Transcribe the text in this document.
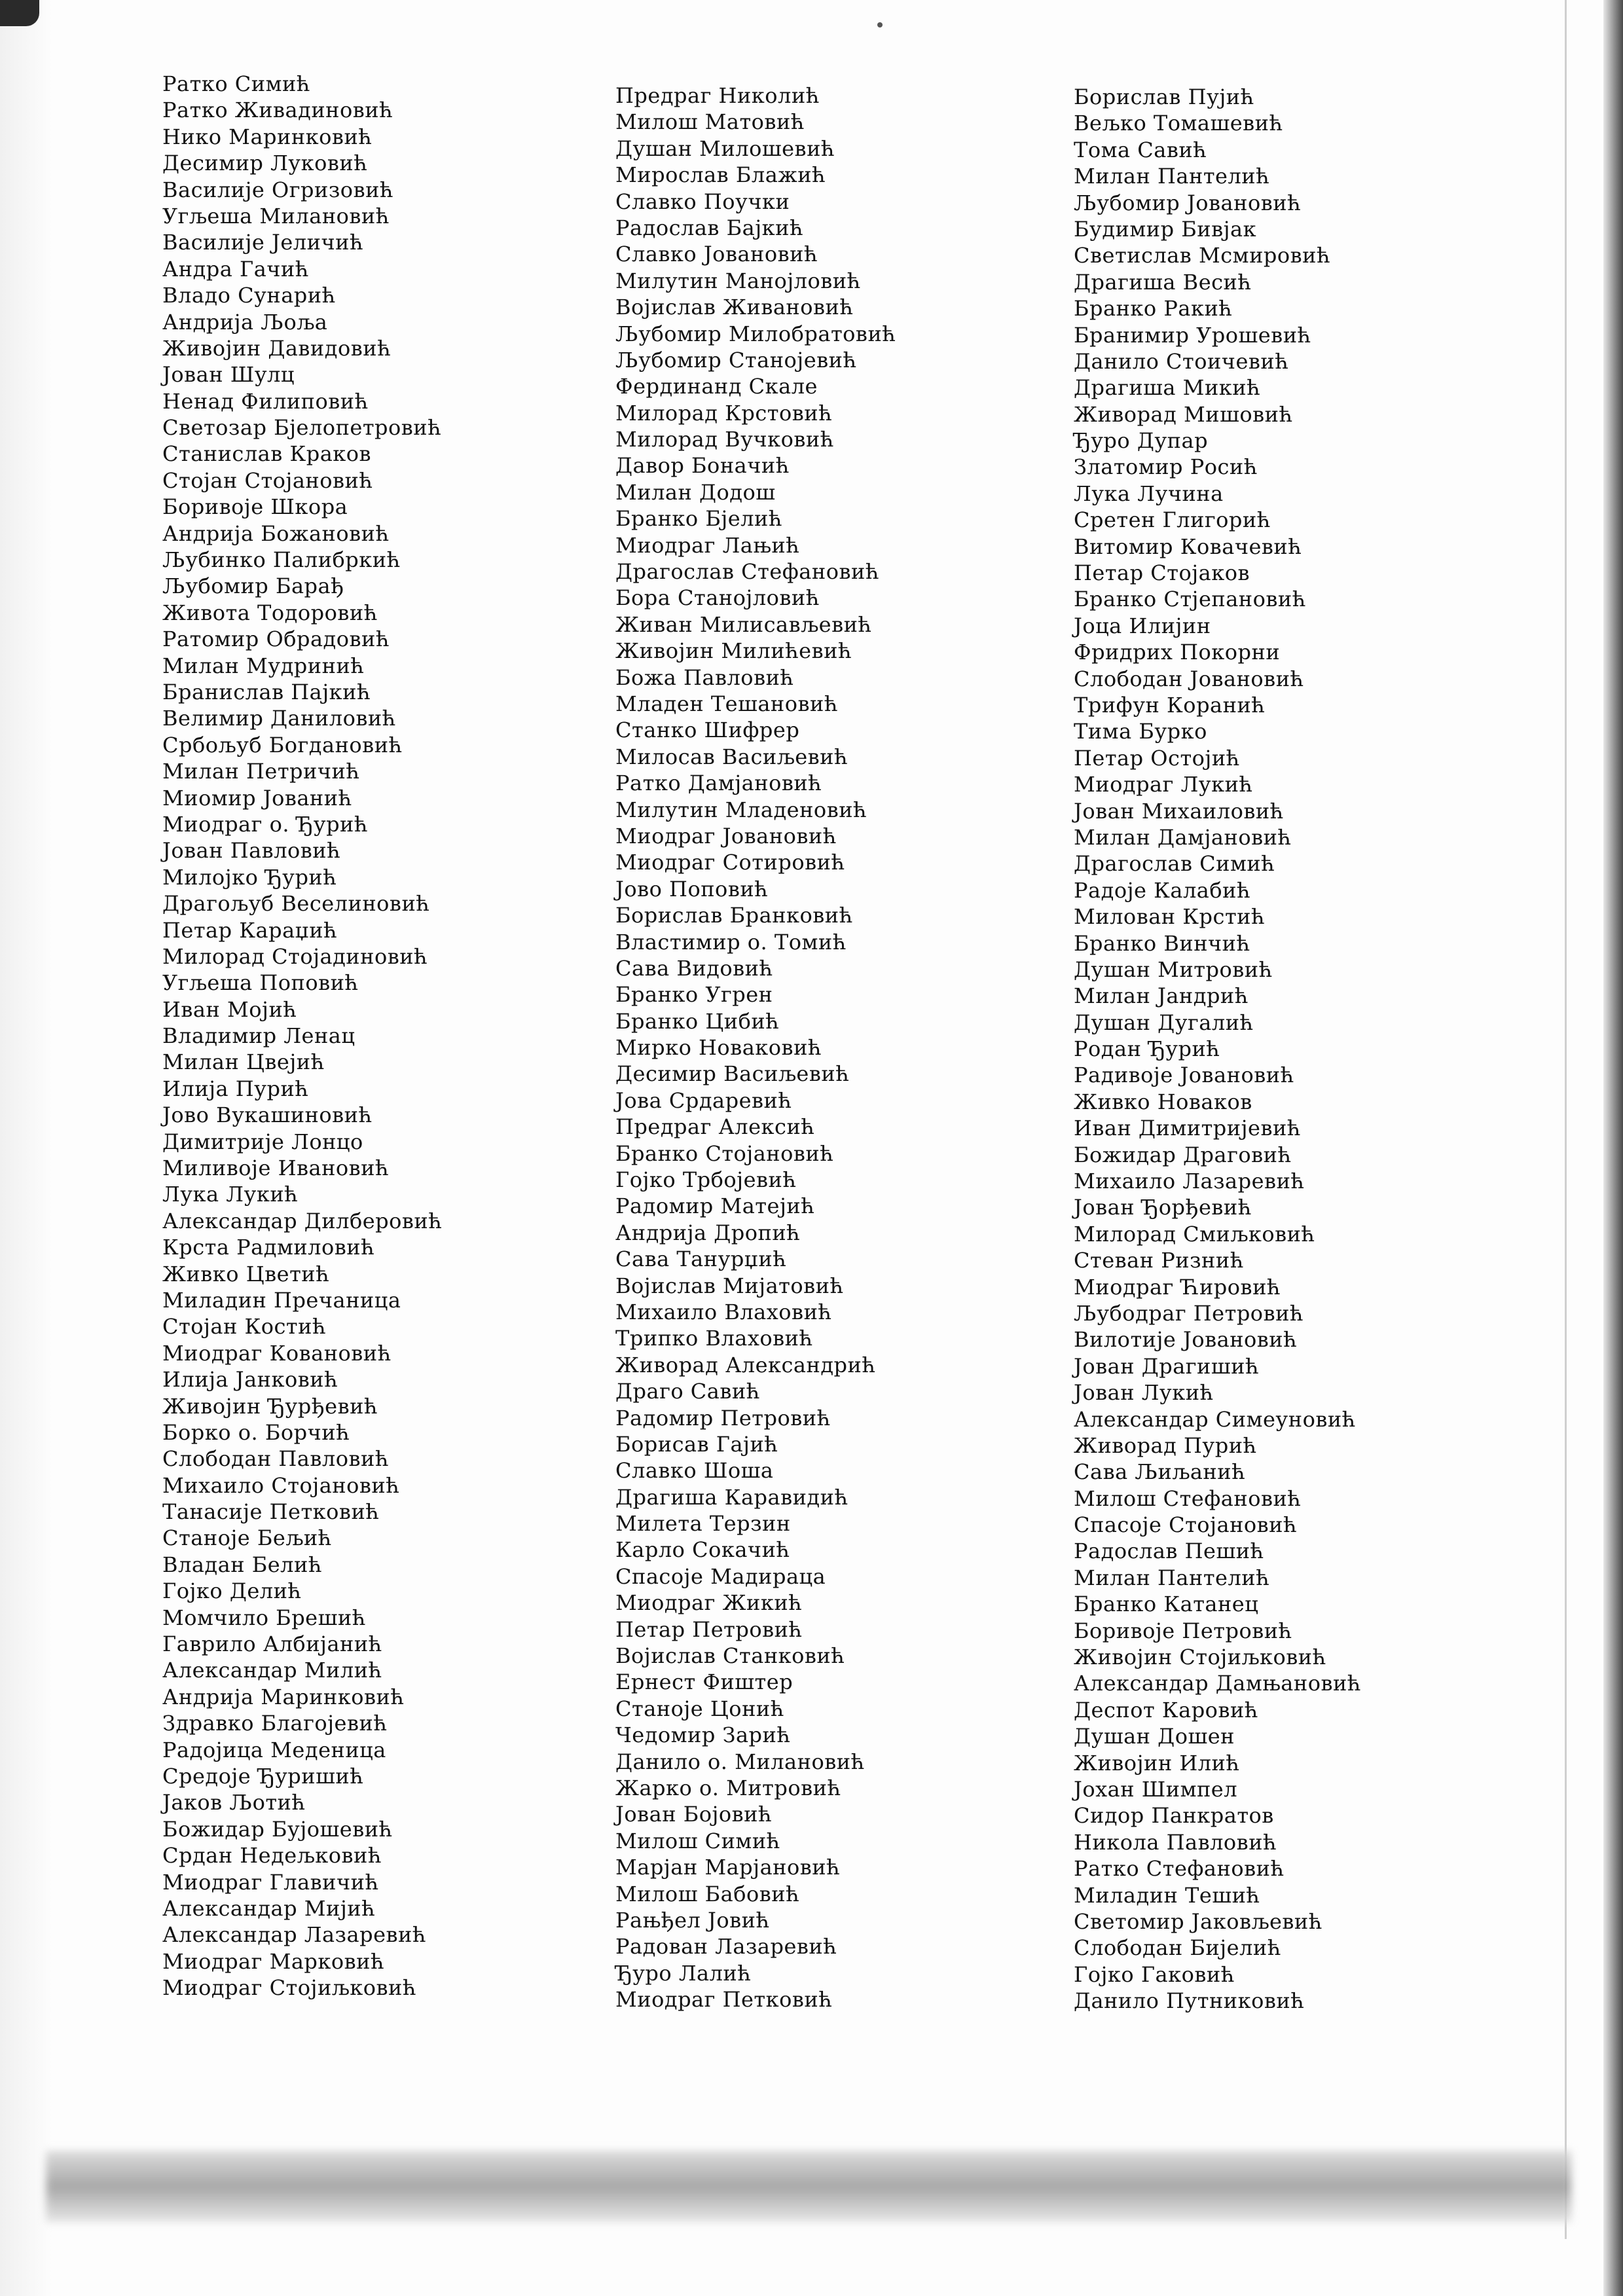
Ратко Симић
Ратко Живадиновић
Нико Маринковић
Десимир Луковић
Василије Огризовић
Угљеша Милановић
Василије Јеличић
Андра Гачић
Владо Сунарић
Андрија Љоља
Живојин Давидовић
Јован Шулц
Ненад Филиповић
Светозар Бјелопетровић
Станислав Краков
Стојан Стојановић
Боривоје Шкора
Андрија Божановић
Љубинко Палибркић
Љубомир Барађ
Живота Тодоровић
Ратомир Обрадовић
Милан Мудринић
Бранислав Пајкић
Велимир Даниловић
Србољуб Богдановић
Милан Петричић
Миомир Јованић
Миодраг о. Ђурић
Јован Павловић
Милојко Ђурић
Драгољуб Веселиновић
Петар Караџић
Милорад Стојадиновић
Угљеша Поповић
Иван Мојић
Владимир Ленац
Милан Цвејић
Илија Пурић
Јово Вукашиновић
Димитрије Лонцо
Миливоје Ивановић
Лука Лукић
Александар Дилберовић
Крста Радмиловић
Живко Цветић
Миладин Пречаница
Стојан Костић
Миодраг Ковановић
Илија Јанковић
Живојин Ђурђевић
Борко о. Борчић
Слободан Павловић
Михаило Стојановић
Танасије Петковић
Станоје Бељић
Владан Белић
Гојко Делић
Момчило Брешић
Гаврило Албијанић
Александар Милић
Андрија Маринковић
Здравко Благојевић
Радојица Меденица
Средоје Ђуришић
Јаков Љотић
Божидар Бујошевић
Срдан Недељковић
Миодраг Главичић
Александар Мијић
Александар Лазаревић
Миодраг Марковић
Миодраг Стојиљковић
Предраг Николић
Милош Матовић
Душан Милошевић
Мирослав Блажић
Славко Поучки
Радослав Бајкић
Славко Јовановић
Милутин Манојловић
Војислав Живановић
Љубомир Милобратовић
Љубомир Станојевић
Фердинанд Скале
Милорад Крстовић
Милорад Вучковић
Давор Боначић
Милан Додош
Бранко Бјелић
Миодраг Лањић
Драгослав Стефановић
Бора Станојловић
Живан Милисављевић
Живојин Милићевић
Божа Павловић
Младен Тешановић
Станко Шифрер
Милосав Васиљевић
Ратко Дамјановић
Милутин Младеновић
Миодраг Јовановић
Миодраг Сотировић
Јово Поповић
Борислав Бранковић
Властимир о. Томић
Сава Видовић
Бранко Угрен
Бранко Цибић
Мирко Новаковић
Десимир Васиљевић
Јова Срдаревић
Предраг Алексић
Бранко Стојановић
Гојко Трбојевић
Радомир Матејић
Андрија Дропић
Сава Танурџић
Војислав Мијатовић
Михаило Влаховић
Трипко Влаховић
Живорад Александрић
Драго Савић
Радомир Петровић
Борисав Гајић
Славко Шоша
Драгиша Каравидић
Милета Терзин
Карло Сокачић
Спасоје Мадираца
Миодраг Жикић
Петар Петровић
Војислав Станковић
Ернест Фиштер
Станоје Цонић
Чедомир Зарић
Данило о. Милановић
Жарко о. Митровић
Јован Бојовић
Милош Симић
Марјан Марјановић
Милош Бабовић
Рањђел Јовић
Радован Лазаревић
Ђуро Лалић
Миодраг Петковић
Борислав Пујић
Вељко Томашевић
Тома Савић
Милан Пантелић
Љубомир Јовановић
Будимир Бивјак
Светислав Мсмировић
Драгиша Весић
Бранко Ракић
Бранимир Урошевић
Данило Стоичевић
Драгиша Микић
Живорад Мишовић
Ђуро Дупар
Златомир Росић
Лука Лучина
Сретен Глигорић
Витомир Ковачевић
Петар Стојаков
Бранко Стјепановић
Јоца Илијин
Фридрих Покорни
Слободан Јовановић
Трифун Коранић
Тима Бурко
Петар Остојић
Миодраг Лукић
Јован Михаиловић
Милан Дамјановић
Драгослав Симић
Радоје Калабић
Милован Крстић
Бранко Винчић
Душан Митровић
Милан Јандрић
Душан Дугалић
Родан Ђурић
Радивоје Јовановић
Живко Новаков
Иван Димитријевић
Божидар Драговић
Михаило Лазаревић
Јован Ђорђевић
Милорад Смиљковић
Стеван Ризнић
Миодраг Ћировић
Љубодраг Петровић
Вилотије Јовановић
Јован Драгишић
Јован Лукић
Александар Симеуновић
Живорад Пурић
Сава Љиљанић
Милош Стефановић
Спасоје Стојановић
Радослав Пешић
Милан Пантелић
Бранко Катанец
Боривоје Петровић
Живојин Стојиљковић
Александар Дамњановић
Деспот Каровић
Душан Дошен
Живојин Илић
Јохан Шимпел
Сидор Панкратов
Никола Павловић
Ратко Стефановић
Миладин Тешић
Светомир Јаковљевић
Слободан Бијелић
Гојко Гаковић
Данило Путниковић
